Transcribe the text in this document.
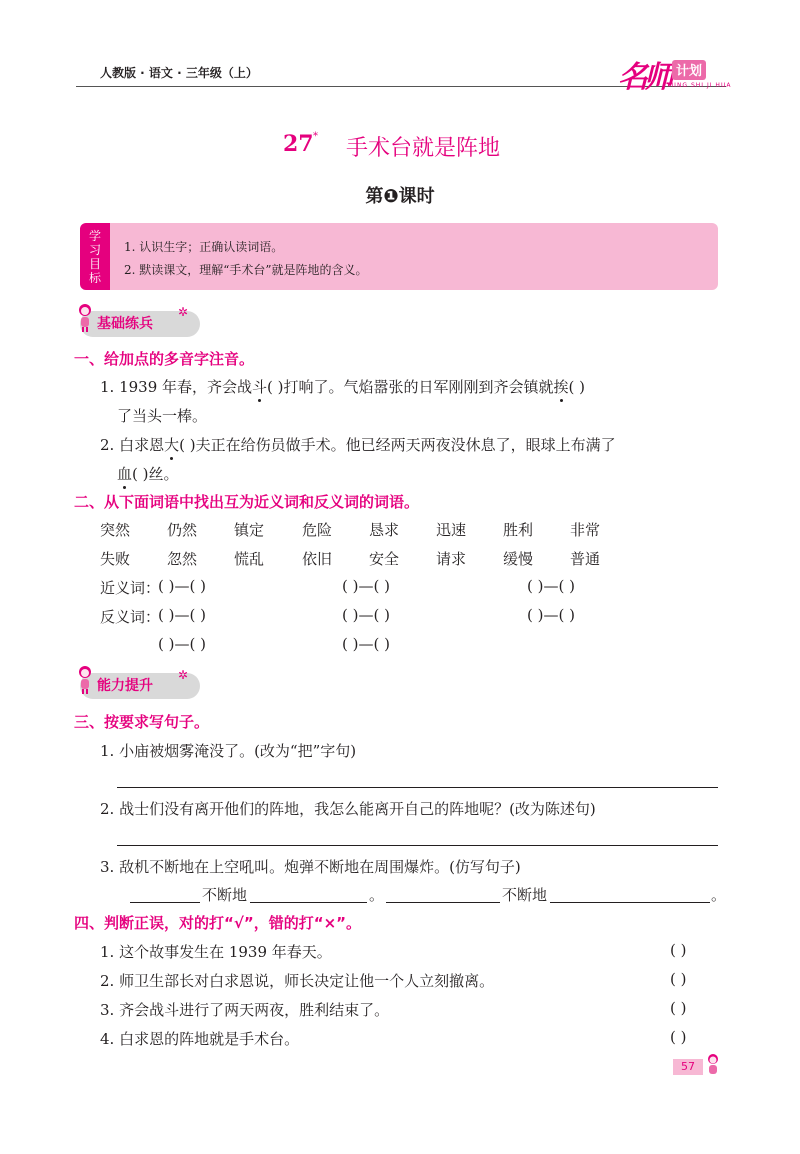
人教版 · 语文 · 三年级（上）	名师 计划
MING SHI JI HUA
27 * 手术台就是阵地
第❶课时
学
习
目
标
1. 认识生字；正确认读词语。
2. 默读课文，理解“手术台”就是阵地的含义。
基础练兵
✲
一、给加点的多音字注音。
1. 1939 年春，齐会战斗( )打响了。气焰嚣张的日军刚刚到齐会镇就挨( )
了当头一棒。
2. 白求恩大( )夫正在给伤员做手术。他已经两天两夜没休息了，眼球上布满了
血( )丝。
二、从下面词语中找出互为近义词和反义词的词语。
突然 仍然 镇定	危险 恳求 迅速 胜利 非常
失败 忽然 慌乱	依旧 安全 请求 缓慢 普通
近义词：
( )—( )	( )—( )	( )—( )
反义词：
( )—( )	( )—( )	( )—( )
( )—( )	( )—( )
能力提升
✲
三、按要求写句子。
1. 小庙被烟雾淹没了。(改为“把”字句)
2. 战士们没有离开他们的阵地，我怎么能离开自己的阵地呢？(改为陈述句)
3. 敌机不断地在上空吼叫。炮弹不断地在周围爆炸。(仿写句子)
不断地	。	不断地	。
四、判断正误，对的打“√”，错的打“×”。
1. 这个故事发生在 1939 年春天。	( )
2. 师卫生部长对白求恩说，师长决定让他一个人立刻撤离。	( )
3. 齐会战斗进行了两天两夜，胜利结束了。	( )
4. 白求恩的阵地就是手术台。	( )
57
